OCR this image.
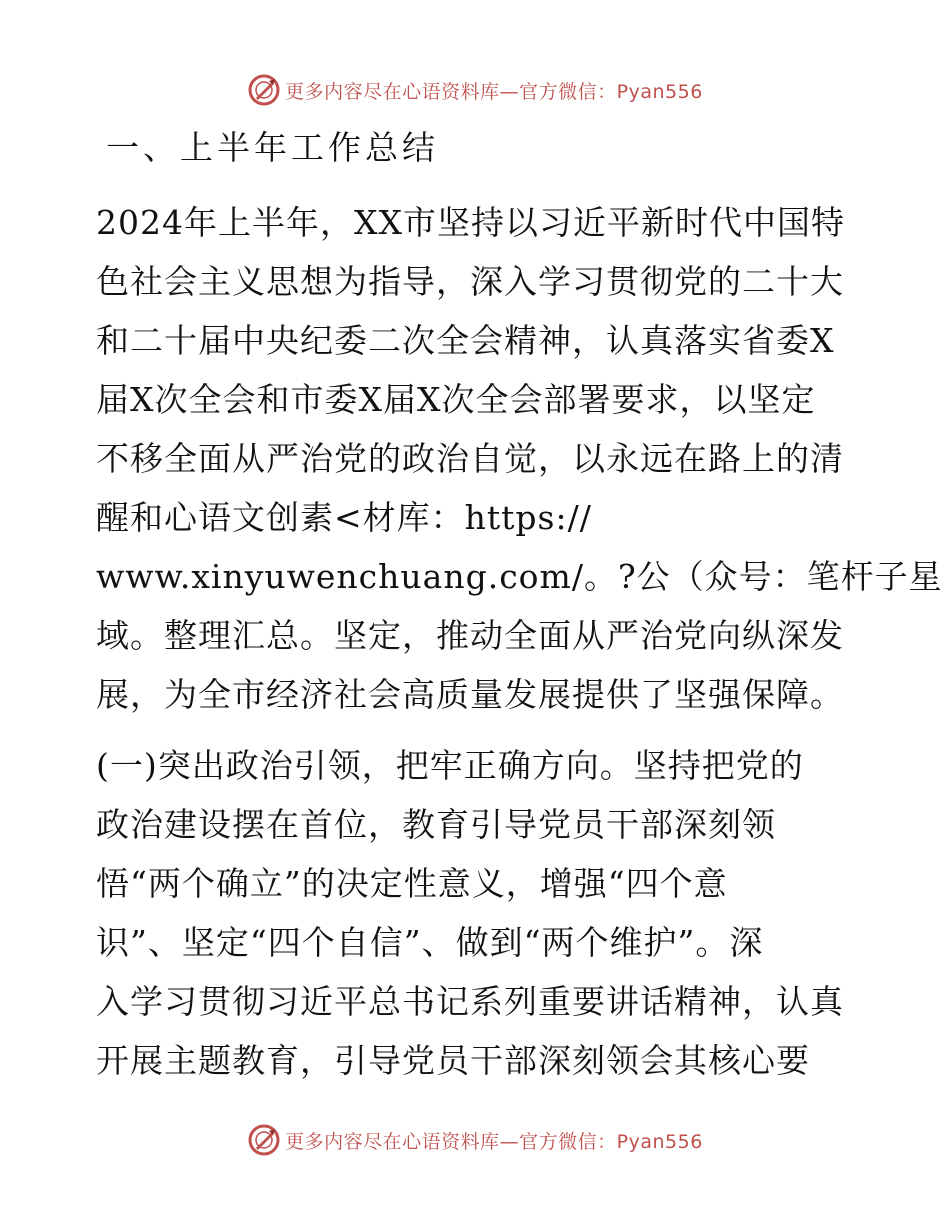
更多内容尽在心语资料库—官方微信：Pyan556
一、上半年工作总结
2024年上半年，XX市坚持以习近平新时代中国特
色社会主义思想为指导，深入学习贯彻党的二十大
和二十届中央纪委二次全会精神，认真落实省委X
届X次全会和市委X届X次全会部署要求，以坚定
不移全面从严治党的政治自觉，以永远在路上的清
醒和心语文创素<材库：https://
www.xinyuwenchuang.com/。?公（众号：笔杆子星
域。整理汇总。坚定，推动全面从严治党向纵深发
展，为全市经济社会高质量发展提供了坚强保障。
(一)突出政治引领，把牢正确方向。坚持把党的
政治建设摆在首位，教育引导党员干部深刻领
悟“两个确立”的决定性意义，增强“四个意
识”、坚定“四个自信”、做到“两个维护”。深
入学习贯彻习近平总书记系列重要讲话精神，认真
开展主题教育，引导党员干部深刻领会其核心要
更多内容尽在心语资料库—官方微信：Pyan556
